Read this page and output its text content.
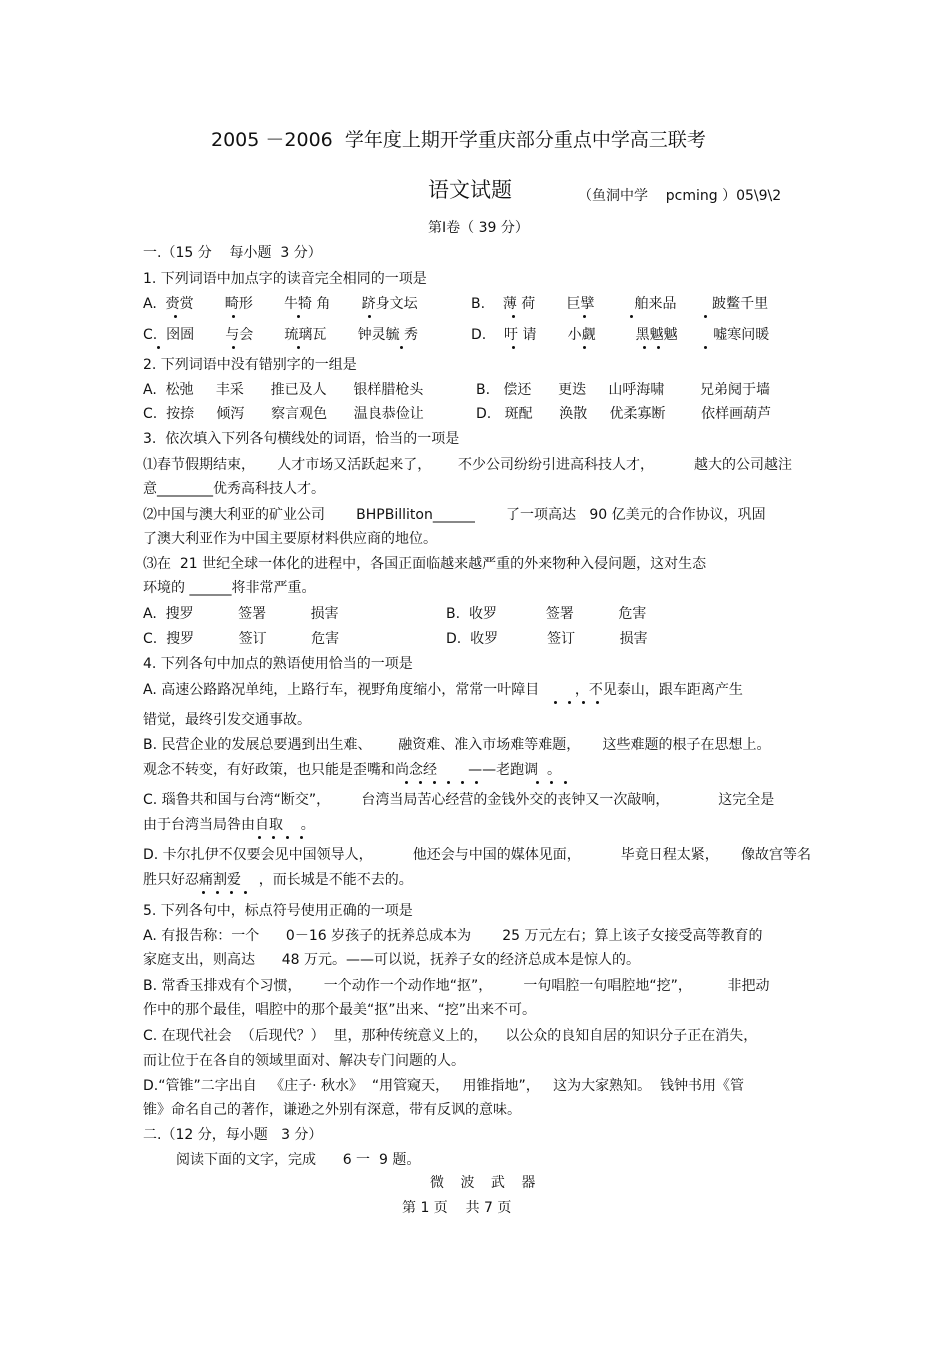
2005 －2006  学年度上期开学重庆部分重点中学高三联考
语文试题	（鱼洞中学    pcming ）05\9\2
第Ⅰ卷（ 39 分）
一.（15 分    每小题  3 分）
1. 下列词语中加点字的读音完全相同的一项是
A.  赍赏       畸形       牛犄 角       跻身文坛	B.    薄 荷       巨擘         舶来品        跛鳖千里
C.  囹圄       与会       琉璃瓦       钟灵毓 秀	D.    吁 请       小觑         黑魆魆        嘘寒问暖
2. 下列词语中没有错别字的一组是
A.  松弛     丰采      推已及人      银样腊枪头	B.   偿还      更迭     山呼海啸        兄弟阋于墙
C.  按捺     倾泻      察言观色      温良恭俭让	D.   斑配      涣散     优柔寡断        依样画葫芦
3.  依次填入下列各句横线处的词语，恰当的一项是
⑴春节假期结束，     人才市场又活跃起来了，      不少公司纷纷引进高科技人才，         越大的公司越注
意________优秀高科技人才。
⑵中国与澳大利亚的矿业公司       BHPBilliton______       了一项高达   90 亿美元的合作协议，巩固
了澳大利亚作为中国主要原材料供应商的地位。
⑶在  21 世纪全球一体化的进程中，各国正面临越来越严重的外来物种入侵问题，这对生态
环境的 ______将非常严重。
A.  搜罗          签署          损害	B.  收罗           签署          危害
C.  搜罗          签订          危害	D.  收罗           签订          损害
4. 下列各句中加点的熟语使用恰当的一项是
A. 高速公路路况单纯，上路行车，视野角度缩小，常常一叶障目        ，不见泰山，跟车距离产生
错觉，最终引发交通事故。
B. 民营企业的发展总要遇到出生难、      融资难、准入市场难等难题，     这些难题的根子在思想上。
观念不转变，有好政策，也只能是歪嘴和尚念经       ——老跑调  。
C. 瑙鲁共和国与台湾“断交”，       台湾当局苦心经营的金钱外交的丧钟又一次敲响，           这完全是
由于台湾当局咎由自取    。
D. 卡尔扎伊不仅要会见中国领导人，         他还会与中国的媒体见面，         毕竟日程太紧，     像故宫等名
胜只好忍痛割爱    ，而长城是不能不去的。
5. 下列各句中，标点符号使用正确的一项是
A. 有报告称：一个      0－16 岁孩子的抚养总成本为       25 万元左右；算上该子女接受高等教育的
家庭支出，则高达      48 万元。——可以说，抚养子女的经济总成本是惊人的。
B. 常香玉排戏有个习惯，     一个动作一个动作地“抠”，       一句唱腔一句唱腔地“挖”，        非把动
作中的那个最佳，唱腔中的那个最美“抠”出来、“挖”出来不可。
C. 在现代社会  （后现代？）  里，那种传统意义上的，    以公众的良知自居的知识分子正在消失，
而让位于在各自的领域里面对、解决专门问题的人。
D.“管锥”二字出自   《庄子· 秋水》  “用管窥天，   用锥指地”，   这为大家熟知。  钱钟书用《管
锥》命名自己的著作，谦逊之外别有深意，带有反讽的意味。
二.（12 分，每小题   3 分）
阅读下面的文字，完成      6 一  9 题。
微 波 武 器
第 1 页    共 7 页
